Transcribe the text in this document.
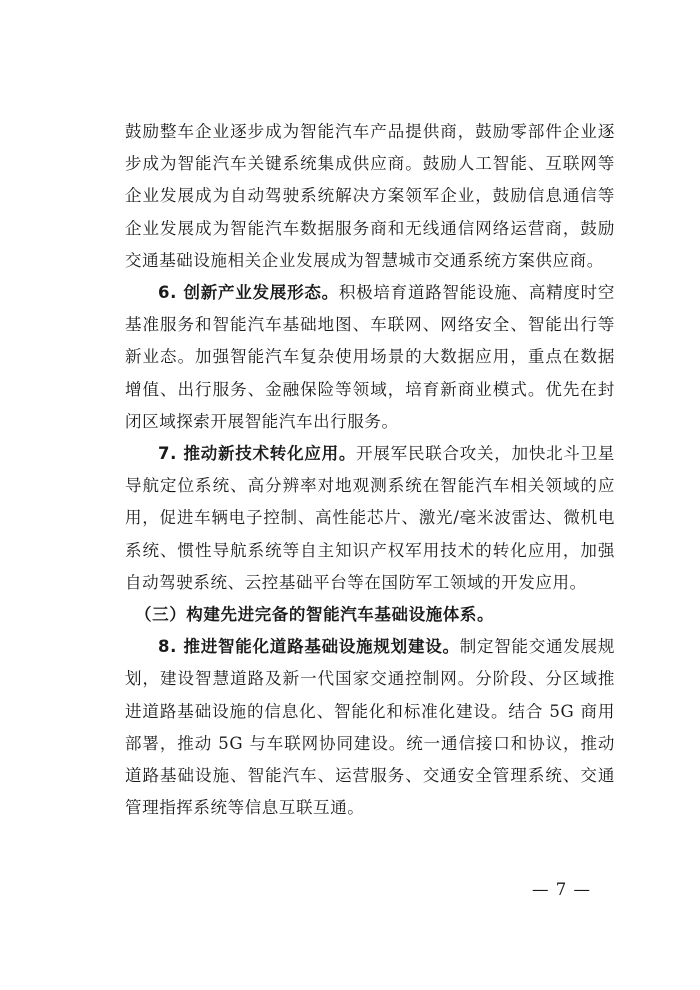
鼓励整车企业逐步成为智能汽车产品提供商，鼓励零部件企业逐步成为智能汽车关键系统集成供应商。鼓励人工智能、互联网等企业发展成为自动驾驶系统解决方案领军企业，鼓励信息通信等企业发展成为智能汽车数据服务商和无线通信网络运营商，鼓励交通基础设施相关企业发展成为智慧城市交通系统方案供应商。

6. 创新产业发展形态。积极培育道路智能设施、高精度时空基准服务和智能汽车基础地图、车联网、网络安全、智能出行等新业态。加强智能汽车复杂使用场景的大数据应用，重点在数据增值、出行服务、金融保险等领域，培育新商业模式。优先在封闭区域探索开展智能汽车出行服务。

7. 推动新技术转化应用。开展军民联合攻关，加快北斗卫星导航定位系统、高分辨率对地观测系统在智能汽车相关领域的应用，促进车辆电子控制、高性能芯片、激光/毫米波雷达、微机电系统、惯性导航系统等自主知识产权军用技术的转化应用，加强自动驾驶系统、云控基础平台等在国防军工领域的开发应用。

（三）构建先进完备的智能汽车基础设施体系。

8. 推进智能化道路基础设施规划建设。制定智能交通发展规划，建设智慧道路及新一代国家交通控制网。分阶段、分区域推进道路基础设施的信息化、智能化和标准化建设。结合 5G 商用部署，推动 5G 与车联网协同建设。统一通信接口和协议，推动道路基础设施、智能汽车、运营服务、交通安全管理系统、交通管理指挥系统等信息互联互通。

— 7 —
